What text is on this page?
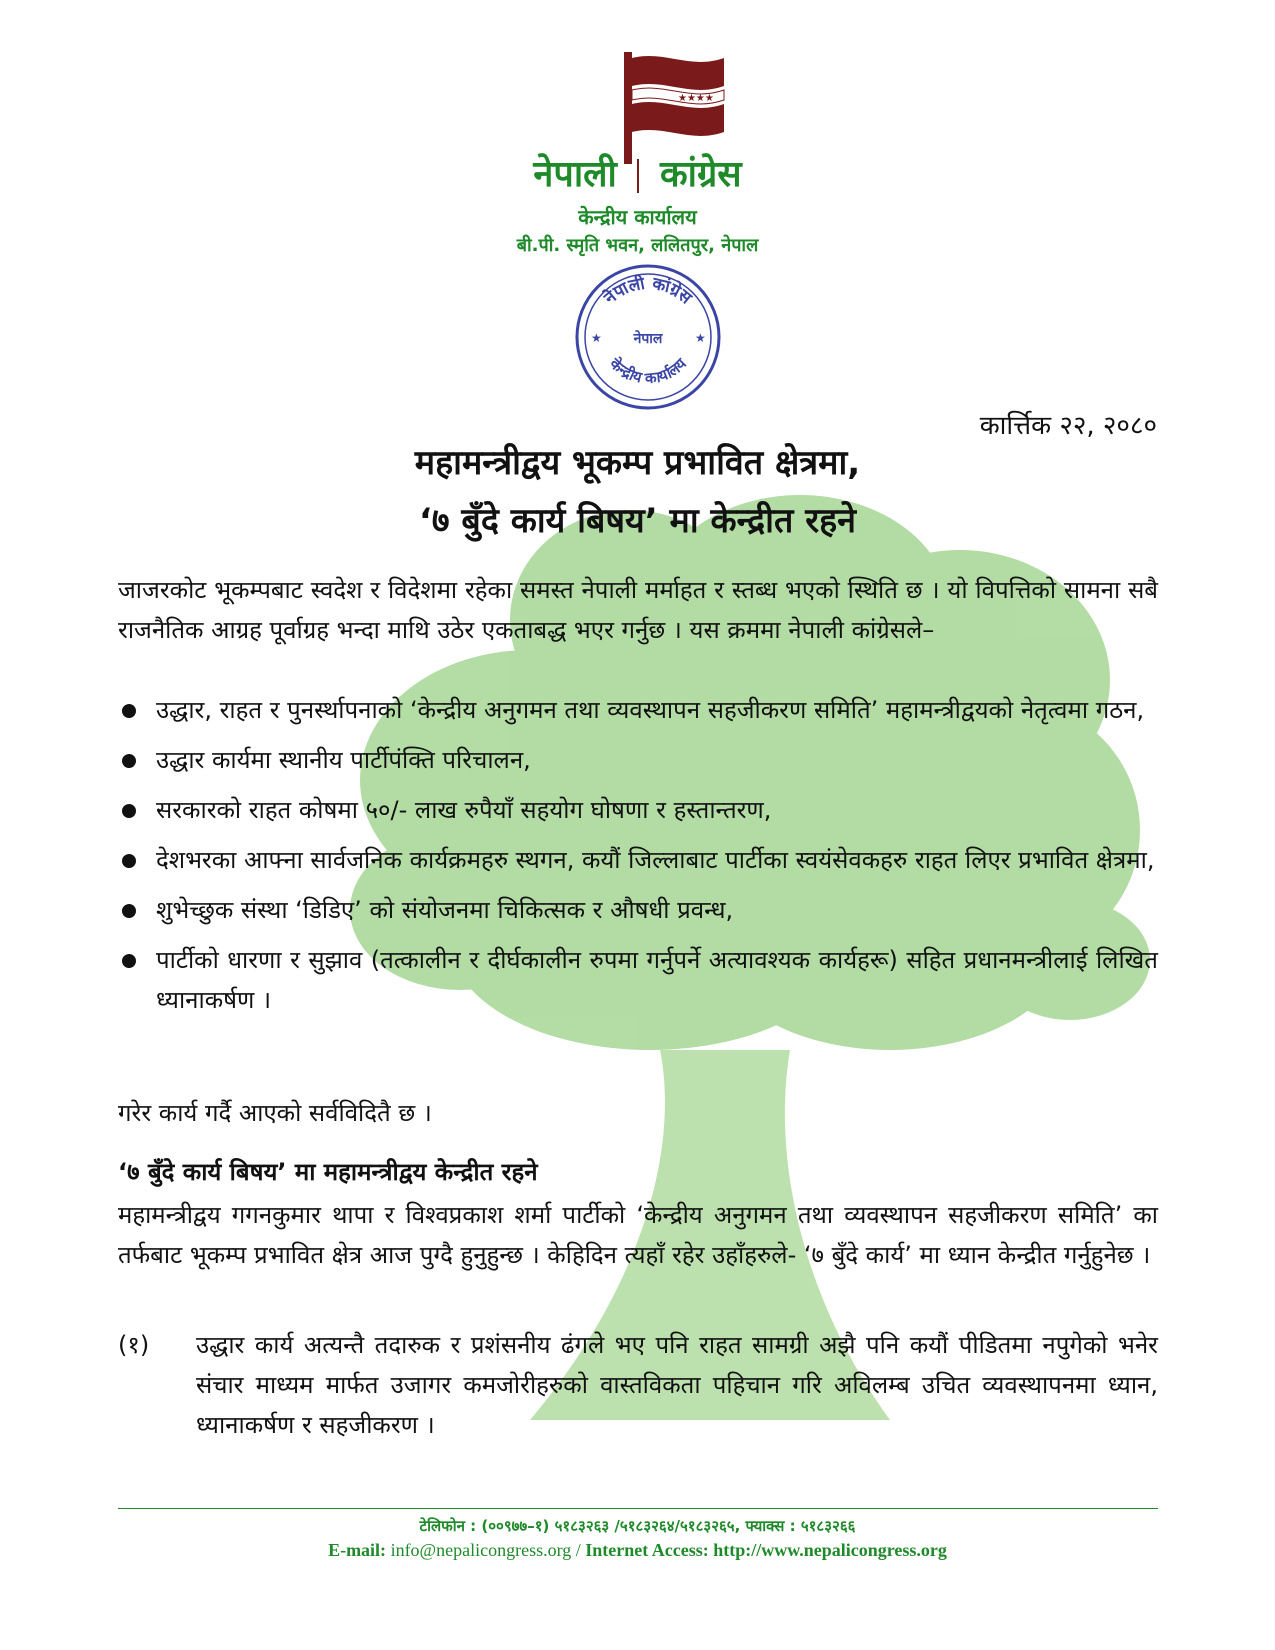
★★★★
नेपाली कांग्रेस
केन्द्रीय कार्यालय
बी.पी. स्मृति भवन, ललितपुर, नेपाल
नेपाली कांग्रेस
केन्द्रीय कार्यालय
नेपाल
★	★
कार्त्तिक २२, २०८०
महामन्त्रीद्वय भूकम्प प्रभावित क्षेत्रमा,
‘७ बुँदे कार्य बिषय’ मा केन्द्रीत रहने
जाजरकोट भूकम्पबाट स्वदेश र विदेशमा रहेका समस्त नेपाली मर्माहत र स्तब्ध भएको स्थिति छ । यो विपत्तिको सामना सबै राजनैतिक आग्रह पूर्वाग्रह भन्दा माथि उठेर एकताबद्ध भएर गर्नुछ । यस क्रममा नेपाली कांग्रेसले–
उद्धार, राहत र पुनर्स्थापनाको ‘केन्द्रीय अनुगमन तथा व्यवस्थापन सहजीकरण समिति’ महामन्त्रीद्वयको नेतृत्वमा गठन,
उद्धार कार्यमा स्थानीय पार्टीपंक्ति परिचालन,
सरकारको राहत कोषमा ५०/- लाख रुपैयाँ सहयोग घोषणा र हस्तान्तरण,
देशभरका आफ्ना सार्वजनिक कार्यक्रमहरु स्थगन, कयौं जिल्लाबाट पार्टीका स्वयंसेवकहरु राहत लिएर प्रभावित क्षेत्रमा,
शुभेच्छुक संस्था ‘डिडिए’ को संयोजनमा चिकित्सक र औषधी प्रवन्ध,
पार्टीको धारणा र सुझाव (तत्कालीन र दीर्घकालीन रुपमा गर्नुपर्ने अत्यावश्यक कार्यहरू) सहित प्रधानमन्त्रीलाई लिखित ध्यानाकर्षण ।
गरेर कार्य गर्दै आएको सर्वविदितै छ ।
‘७ बुँदे कार्य बिषय’ मा महामन्त्रीद्वय केन्द्रीत रहने
महामन्त्रीद्वय गगनकुमार थापा र विश्वप्रकाश शर्मा पार्टीको ‘केन्द्रीय अनुगमन तथा व्यवस्थापन सहजीकरण समिति’ का तर्फबाट भूकम्प प्रभावित क्षेत्र आज पुग्दै हुनुहुन्छ । केहिदिन त्यहाँ रहेर उहाँहरुले- ‘७ बुँदे कार्य’ मा ध्यान केन्द्रीत गर्नुहुनेछ ।
(१) उद्धार कार्य अत्यन्तै तदारुक र प्रशंसनीय ढंगले भए पनि राहत सामग्री अझै पनि कयौं पीडितमा नपुगेको भनेर संचार माध्यम मार्फत उजागर कमजोरीहरुको वास्तविकता पहिचान गरि अविलम्ब उचित व्यवस्थापनमा ध्यान, ध्यानाकर्षण र सहजीकरण ।
टेलिफोन : (००९७७–१) ५१८३२६३ /५१८३२६४/५१८३२६५, फ्याक्स : ५१८३२६६
E-mail: info@nepalicongress.org / Internet Access: http://www.nepalicongress.org
